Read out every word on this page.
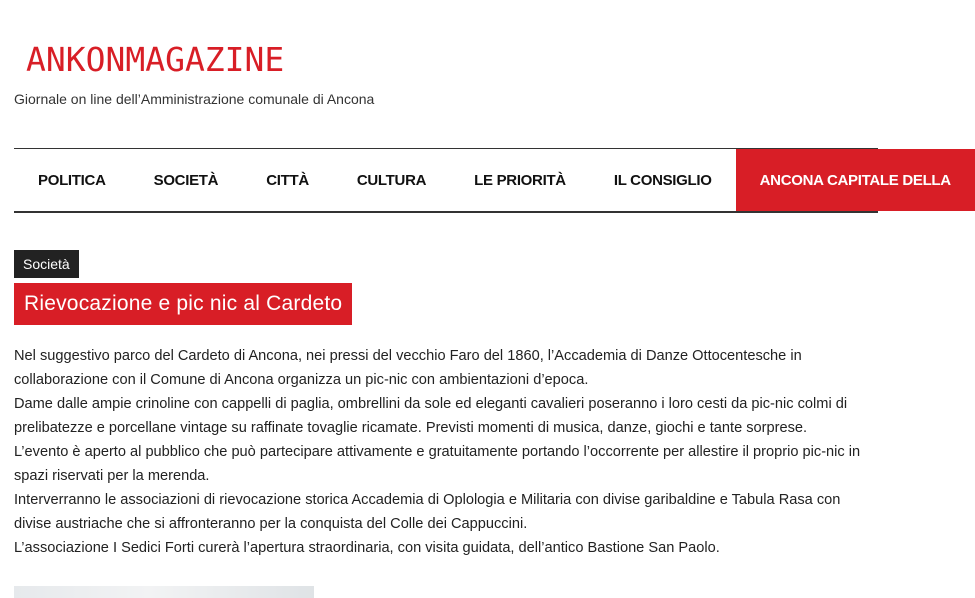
ANKONMAGAZINE
Giornale on line dell’Amministrazione comunale di Ancona
POLITICA	SOCIETÀ	CITTÀ	CULTURA	LE PRIORITÀ	IL CONSIGLIO	ANCONA CAPITALE DELLA
Società
Rievocazione e pic nic al Cardeto

Nel suggestivo parco del Cardeto di Ancona, nei pressi del vecchio Faro del 1860, l’Accademia di Danze Ottocentesche in collaborazione con il Comune di Ancona organizza un pic-nic con ambientazioni d’epoca.

Dame dalle ampie crinoline con cappelli di paglia, ombrellini da sole ed eleganti cavalieri poseranno i loro cesti da pic-nic colmi di prelibatezze e porcellane vintage su raffinate tovaglie ricamate. Previsti momenti di musica, danze, giochi e tante sorprese.

L’evento è aperto al pubblico che può partecipare attivamente e gratuitamente portando l’occorrente per allestire il proprio pic-nic in spazi riservati per la merenda.

Interverranno le associazioni di rievocazione storica Accademia di Oplologia e Militaria con divise garibaldine e Tabula Rasa con divise austriache che si affronteranno per la conquista del Colle dei Cappuccini.

L’associazione I Sedici Forti curerà l’apertura straordinaria, con visita guidata, dell’antico Bastione San Paolo.
